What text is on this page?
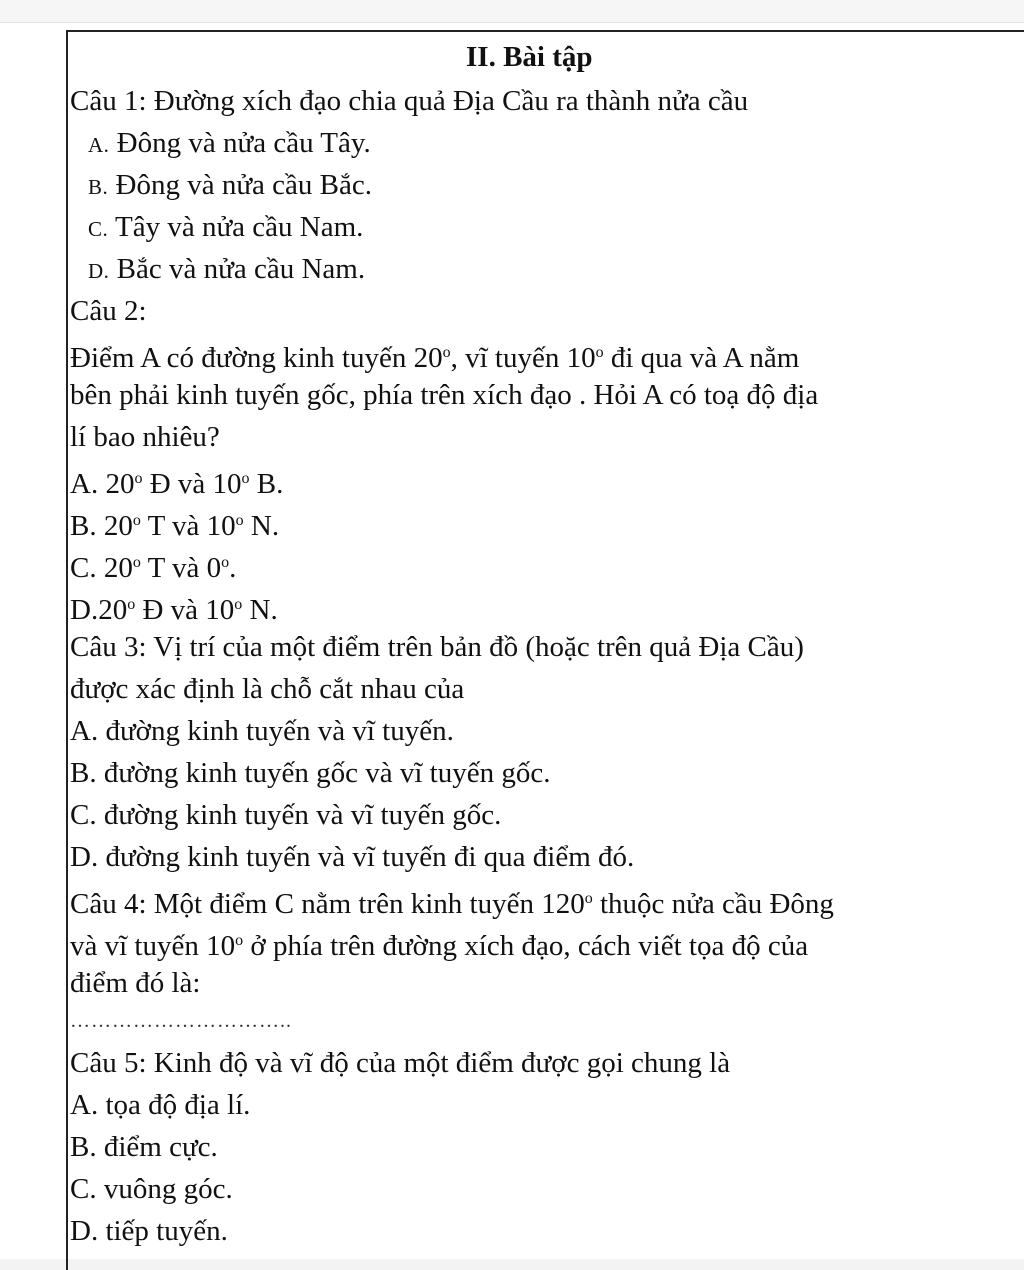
II. Bài tập
Câu 1: Đường xích đạo chia quả Địa Cầu ra thành nửa cầu
A. Đông và nửa cầu Tây.
B. Đông và nửa cầu Bắc.
C. Tây và nửa cầu Nam.
D. Bắc và nửa cầu Nam.
Câu 2:
Điểm A có đường kinh tuyến 20$^o$, vĩ tuyến 10$^o$ đi qua và A nằm
bên phải kinh tuyến gốc, phía trên xích đạo . Hỏi A có toạ độ địa
lí bao nhiêu?
A. 20$^o$ Đ và 10$^o$ B.
B. 20$^o$ T và 10$^o$ N.
C. 20$^o$ T và 0$^o$.
D.20$^o$ Đ và 10$^o$ N.
Câu 3: Vị trí của một điểm trên bản đồ (hoặc trên quả Địa Cầu)
được xác định là chỗ cắt nhau của
A. đường kinh tuyến và vĩ tuyến.
B. đường kinh tuyến gốc và vĩ tuyến gốc.
C. đường kinh tuyến và vĩ tuyến gốc.
D. đường kinh tuyến và vĩ tuyến đi qua điểm đó.
Câu 4: Một điểm C nằm trên kinh tuyến 120$^o$ thuộc nửa cầu Đông
và vĩ tuyến 10$^o$ ở phía trên đường xích đạo, cách viết tọa độ của
điểm đó là:
…………………………..
Câu 5: Kinh độ và vĩ độ của một điểm được gọi chung là
A. tọa độ địa lí.
B. điểm cực.
C. vuông góc.
D. tiếp tuyến.
